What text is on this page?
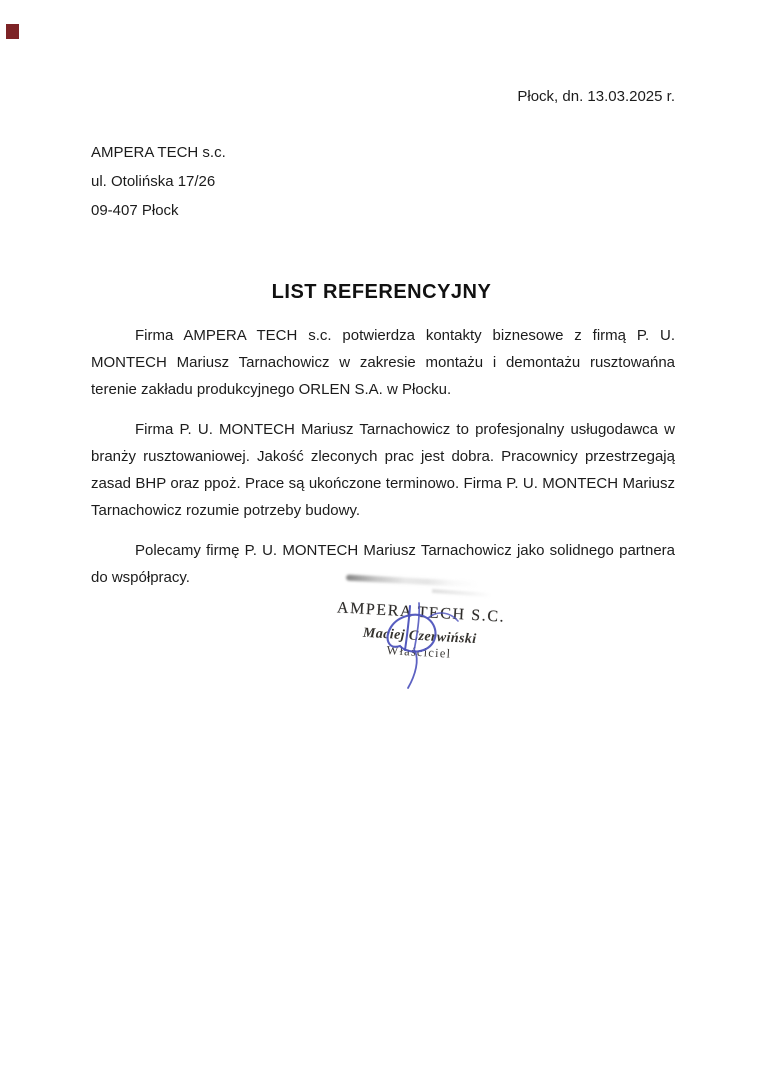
Płock, dn. 13.03.2025 r.
AMPERA TECH s.c.
ul. Otolińska 17/26
09-407 Płock
LIST REFERENCYJNY

Firma AMPERA TECH s.c. potwierdza kontakty biznesowe z firmą P. U. MONTECH Mariusz Tarnachowicz w zakresie montażu i demontażu rusztowańna terenie zakładu produkcyjnego ORLEN S.A. w Płocku.

Firma P. U. MONTECH Mariusz Tarnachowicz to profesjonalny usługodawca w branży rusztowaniowej. Jakość zleconych prac jest dobra. Pracownicy przestrzegają zasad BHP oraz ppoż. Prace są ukończone terminowo. Firma P. U. MONTECH Mariusz Tarnachowicz rozumie potrzeby budowy.

Polecamy firmę P. U. MONTECH Mariusz Tarnachowicz jako solidnego partnera do współpracy.

AMPERA TECH S.C.
Maciej Czerwiński
Właściciel
